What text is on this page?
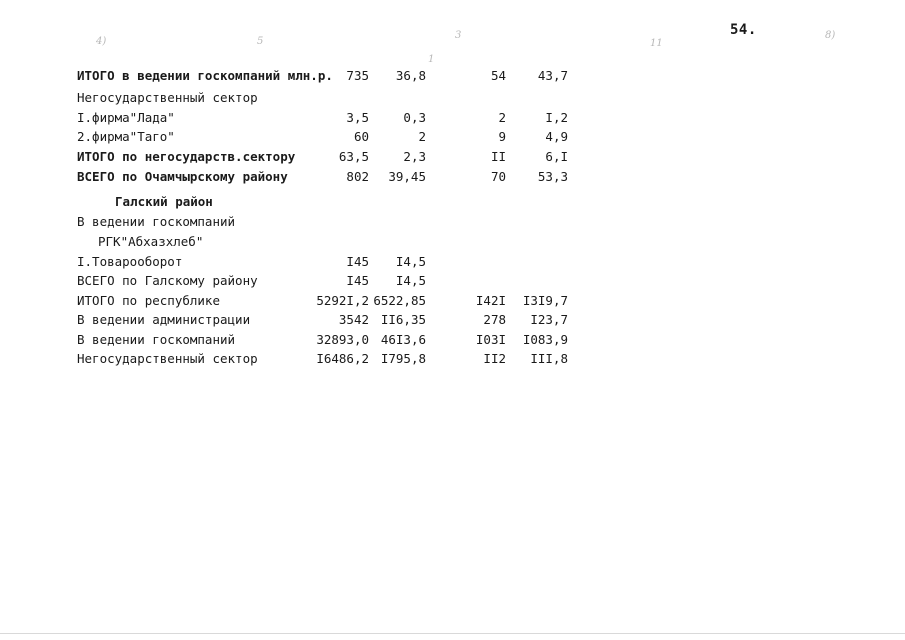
4)	5
1
3
11
8)
54.
ИТОГО в ведении госкомпаний млн.р. 735 36,8	54	43,7
Негосударственный сектор
I.фирма"Лада"	3,5	0,3	2	I,2
2.фирма"Таго"	60	2	9	4,9
ИТОГО по негосударств.сектору	63,5	2,3	II	6,I
ВСЕГО по Очамчырскому району	802 39,45	70	53,3
Галский район
В ведении госкомпаний
РГК"Абхазхлеб"
I.Товарооборот	I45 I4,5
ВСЕГО по Галскому району	I45 I4,5
ИТОГО по республике	5292I,2 6522,85	I42I I3I9,7
В ведении администрации	3542 II6,35	278 I23,7
В ведении госкомпаний	32893,0 46I3,6	I03I I083,9
Негосударственный сектор	I6486,2 I795,8	II2 III,8
